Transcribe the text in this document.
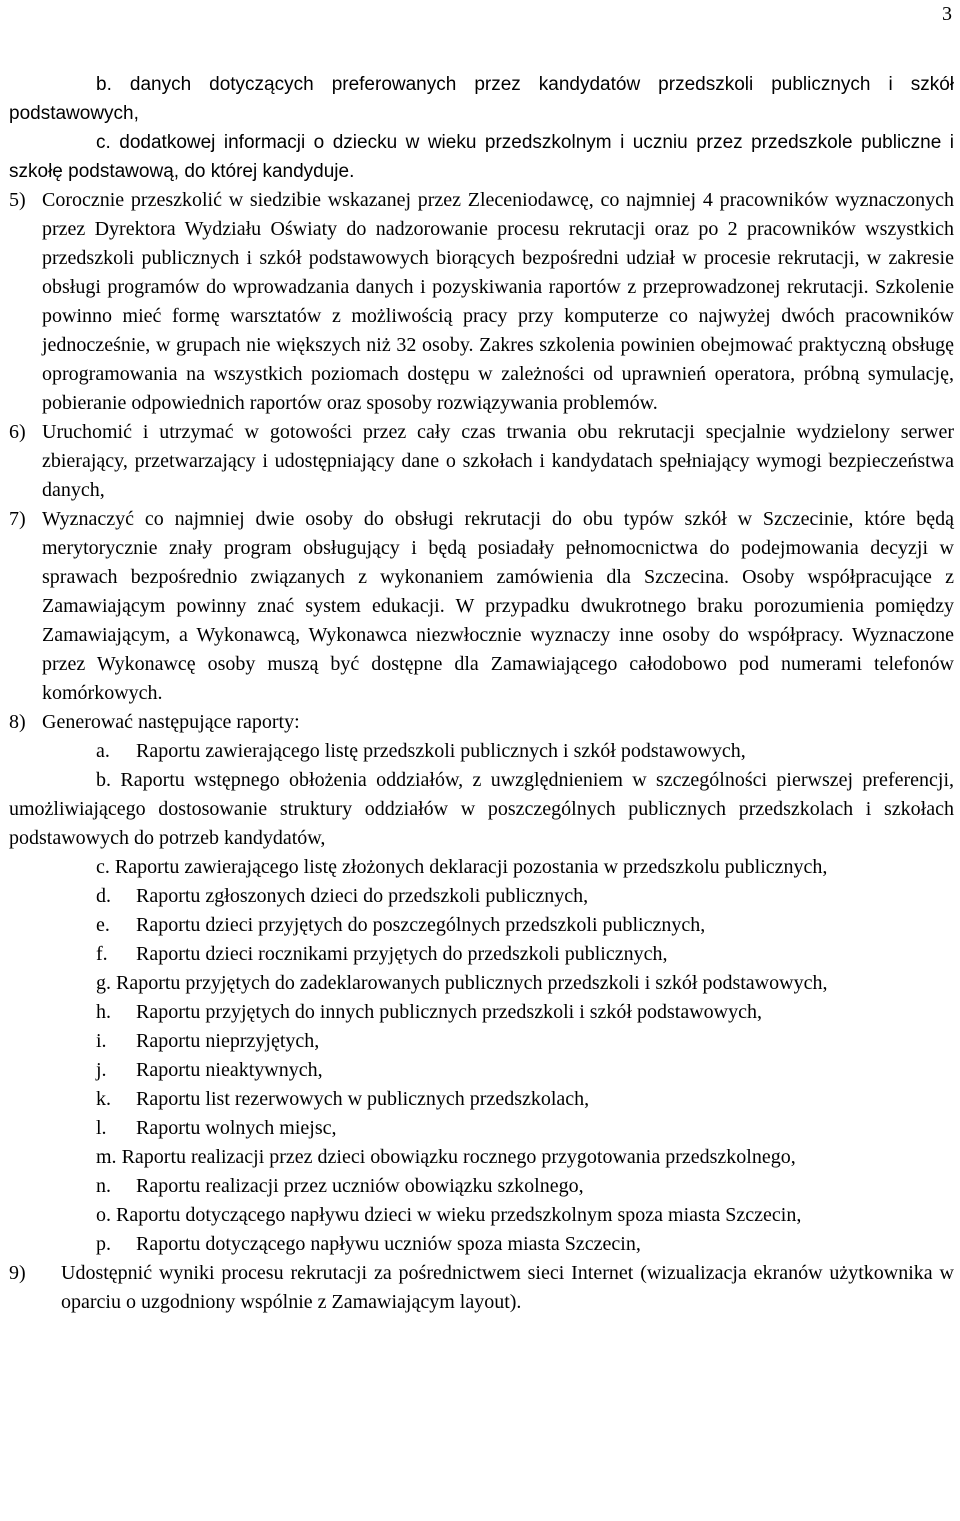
3
b. danych dotyczących preferowanych przez kandydatów przedszkoli publicznych i szkół podstawowych,
c. dodatkowej informacji o dziecku w wieku przedszkolnym i uczniu przez przedszkole publiczne i szkołę podstawową, do której kandyduje.
5) Corocznie przeszkolić w siedzibie wskazanej przez Zleceniodawcę, co najmniej 4 pracowników wyznaczonych przez Dyrektora Wydziału Oświaty do nadzorowanie procesu rekrutacji oraz po 2 pracowników wszystkich przedszkoli publicznych i szkół podstawowych biorących bezpośredni udział w procesie rekrutacji, w zakresie obsługi programów do wprowadzania danych i pozyskiwania raportów z przeprowadzonej rekrutacji. Szkolenie powinno mieć formę warsztatów z możliwością pracy przy komputerze co najwyżej dwóch pracowników jednocześnie, w grupach nie większych niż 32 osoby. Zakres szkolenia powinien obejmować praktyczną obsługę oprogramowania na wszystkich poziomach dostępu w zależności od uprawnień operatora, próbną symulację, pobieranie odpowiednich raportów oraz sposoby rozwiązywania problemów.
6) Uruchomić i utrzymać w gotowości przez cały czas trwania obu rekrutacji specjalnie wydzielony serwer zbierający, przetwarzający i udostępniający dane o szkołach i kandydatach spełniający wymogi bezpieczeństwa danych,
7) Wyznaczyć co najmniej dwie osoby do obsługi rekrutacji do obu typów szkół w Szczecinie, które będą merytorycznie znały program obsługujący i będą posiadały pełnomocnictwa do podejmowania decyzji w sprawach bezpośrednio związanych z wykonaniem zamówienia dla Szczecina. Osoby współpracujące z Zamawiającym powinny znać system edukacji. W przypadku dwukrotnego braku porozumienia pomiędzy Zamawiającym, a Wykonawcą, Wykonawca niezwłocznie wyznaczy inne osoby do współpracy. Wyznaczone przez Wykonawcę osoby muszą być dostępne dla Zamawiającego całodobowo pod numerami telefonów komórkowych.
8) Generować następujące raporty:
a. Raportu zawierającego listę przedszkoli publicznych i szkół podstawowych,
b. Raportu wstępnego obłożenia oddziałów, z uwzględnieniem w szczególności pierwszej preferencji, umożliwiającego dostosowanie struktury oddziałów w poszczególnych publicznych przedszkolach i szkołach podstawowych do potrzeb kandydatów,
c. Raportu zawierającego listę złożonych deklaracji pozostania w przedszkolu publicznych,
d. Raportu zgłoszonych dzieci do przedszkoli publicznych,
e. Raportu dzieci przyjętych do poszczególnych przedszkoli publicznych,
f. Raportu dzieci rocznikami przyjętych do przedszkoli publicznych,
g. Raportu przyjętych do zadeklarowanych publicznych przedszkoli i szkół podstawowych,
h. Raportu przyjętych do innych publicznych przedszkoli i szkół podstawowych,
i. Raportu nieprzyjętych,
j. Raportu nieaktywnych,
k. Raportu list rezerwowych w publicznych przedszkolach,
l. Raportu wolnych miejsc,
m. Raportu realizacji przez dzieci obowiązku rocznego przygotowania przedszkolnego,
n. Raportu realizacji przez uczniów obowiązku szkolnego,
o. Raportu dotyczącego napływu dzieci w wieku przedszkolnym spoza miasta Szczecin,
p. Raportu dotyczącego napływu uczniów spoza miasta Szczecin,
9) Udostępnić wyniki procesu rekrutacji za pośrednictwem sieci Internet (wizualizacja ekranów użytkownika w oparciu o uzgodniony wspólnie z Zamawiającym layout).
